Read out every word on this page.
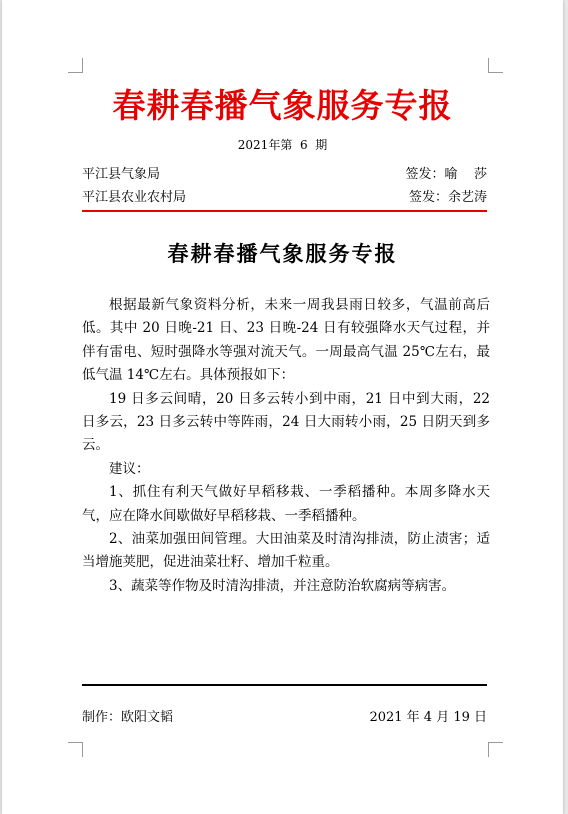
春耕春播气象服务专报
2021年第  6  期
平江县气象局	签发：喻    莎
平江县农业农村局	签发：余艺涛
春耕春播气象服务专报

根据最新气象资料分析，未来一周我县雨日较多，气温前高后低。其中 20 日晚-21 日、23 日晚-24 日有较强降水天气过程，并伴有雷电、短时强降水等强对流天气。一周最高气温 25℃左右，最低气温 14℃左右。具体预报如下：

19 日多云间晴，20 日多云转小到中雨，21 日中到大雨，22 日多云，23 日多云转中等阵雨，24 日大雨转小雨，25 日阴天到多云。

建议：

1、抓住有利天气做好早稻移栽、一季稻播种。本周多降水天气，应在降水间歇做好早稻移栽、一季稻播种。

2、油菜加强田间管理。大田油菜及时清沟排渍，防止渍害；适当增施荚肥，促进油菜壮籽、增加千粒重。

3、蔬菜等作物及时清沟排渍，并注意防治软腐病等病害。

制作：欧阳文韬	2021 年 4 月 19 日
